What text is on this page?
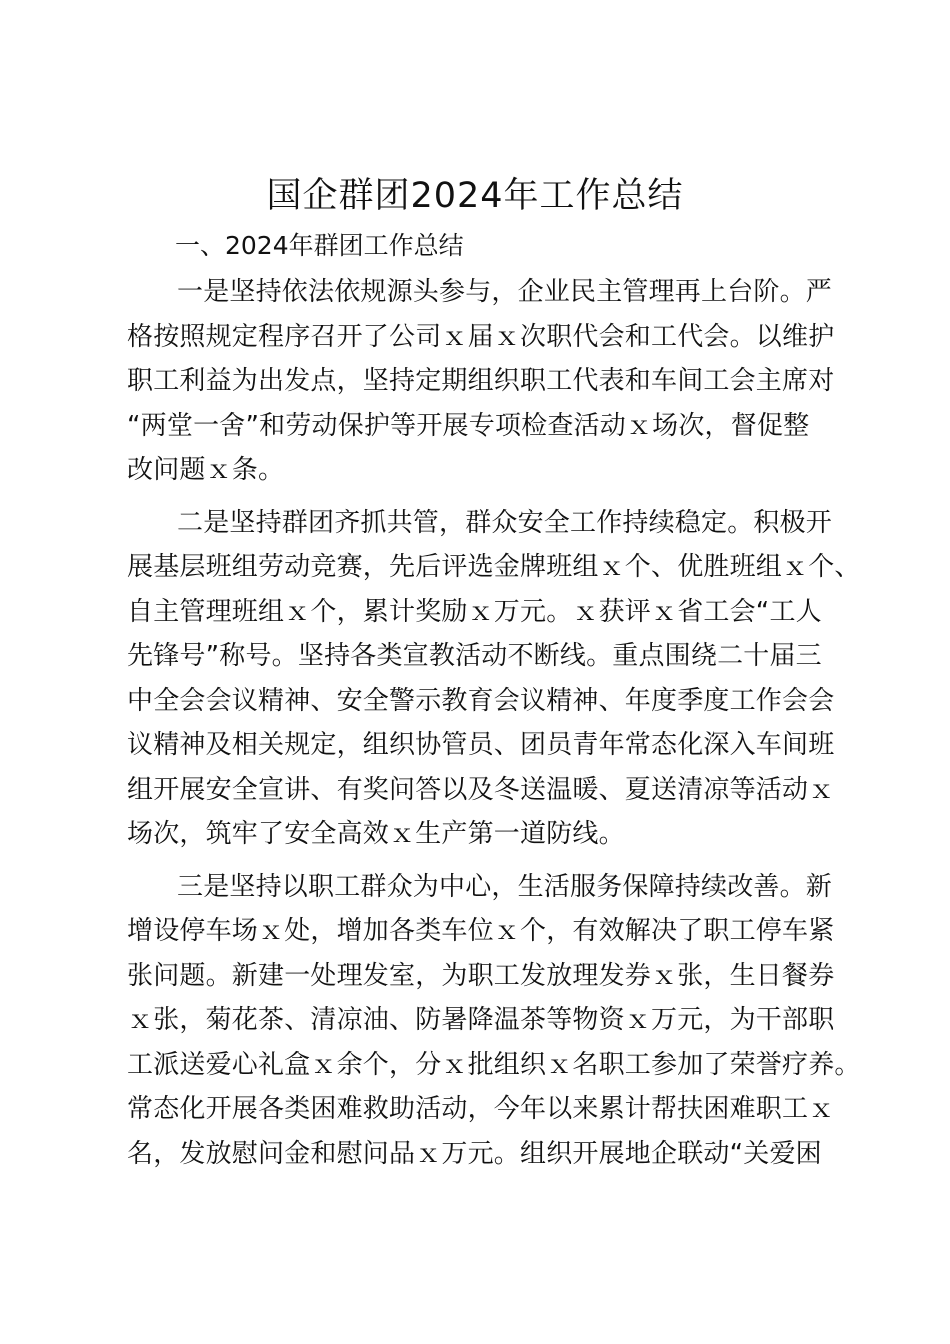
国企群团2024年工作总结
一、2024年群团工作总结
一是坚持依法依规源头参与，企业民主管理再上台阶。严
格按照规定程序召开了公司ｘ届ｘ次职代会和工代会。以维护
职工利益为出发点，坚持定期组织职工代表和车间工会主席对
“两堂一舍”和劳动保护等开展专项检查活动ｘ场次，督促整
改问题ｘ条。
二是坚持群团齐抓共管，群众安全工作持续稳定。积极开
展基层班组劳动竞赛，先后评选金牌班组ｘ个、优胜班组ｘ个、
自主管理班组ｘ个，累计奖励ｘ万元。ｘ获评ｘ省工会“工人
先锋号”称号。坚持各类宣教活动不断线。重点围绕二十届三
中全会会议精神、安全警示教育会议精神、年度季度工作会会
议精神及相关规定，组织协管员、团员青年常态化深入车间班
组开展安全宣讲、有奖问答以及冬送温暖、夏送清凉等活动ｘ
场次，筑牢了安全高效ｘ生产第一道防线。
三是坚持以职工群众为中心，生活服务保障持续改善。新
增设停车场ｘ处，增加各类车位ｘ个，有效解决了职工停车紧
张问题。新建一处理发室，为职工发放理发券ｘ张，生日餐券
ｘ张，菊花茶、清凉油、防暑降温茶等物资ｘ万元，为干部职
工派送爱心礼盒ｘ余个，分ｘ批组织ｘ名职工参加了荣誉疗养。
常态化开展各类困难救助活动，今年以来累计帮扶困难职工ｘ
名，发放慰问金和慰问品ｘ万元。组织开展地企联动“关爱困
